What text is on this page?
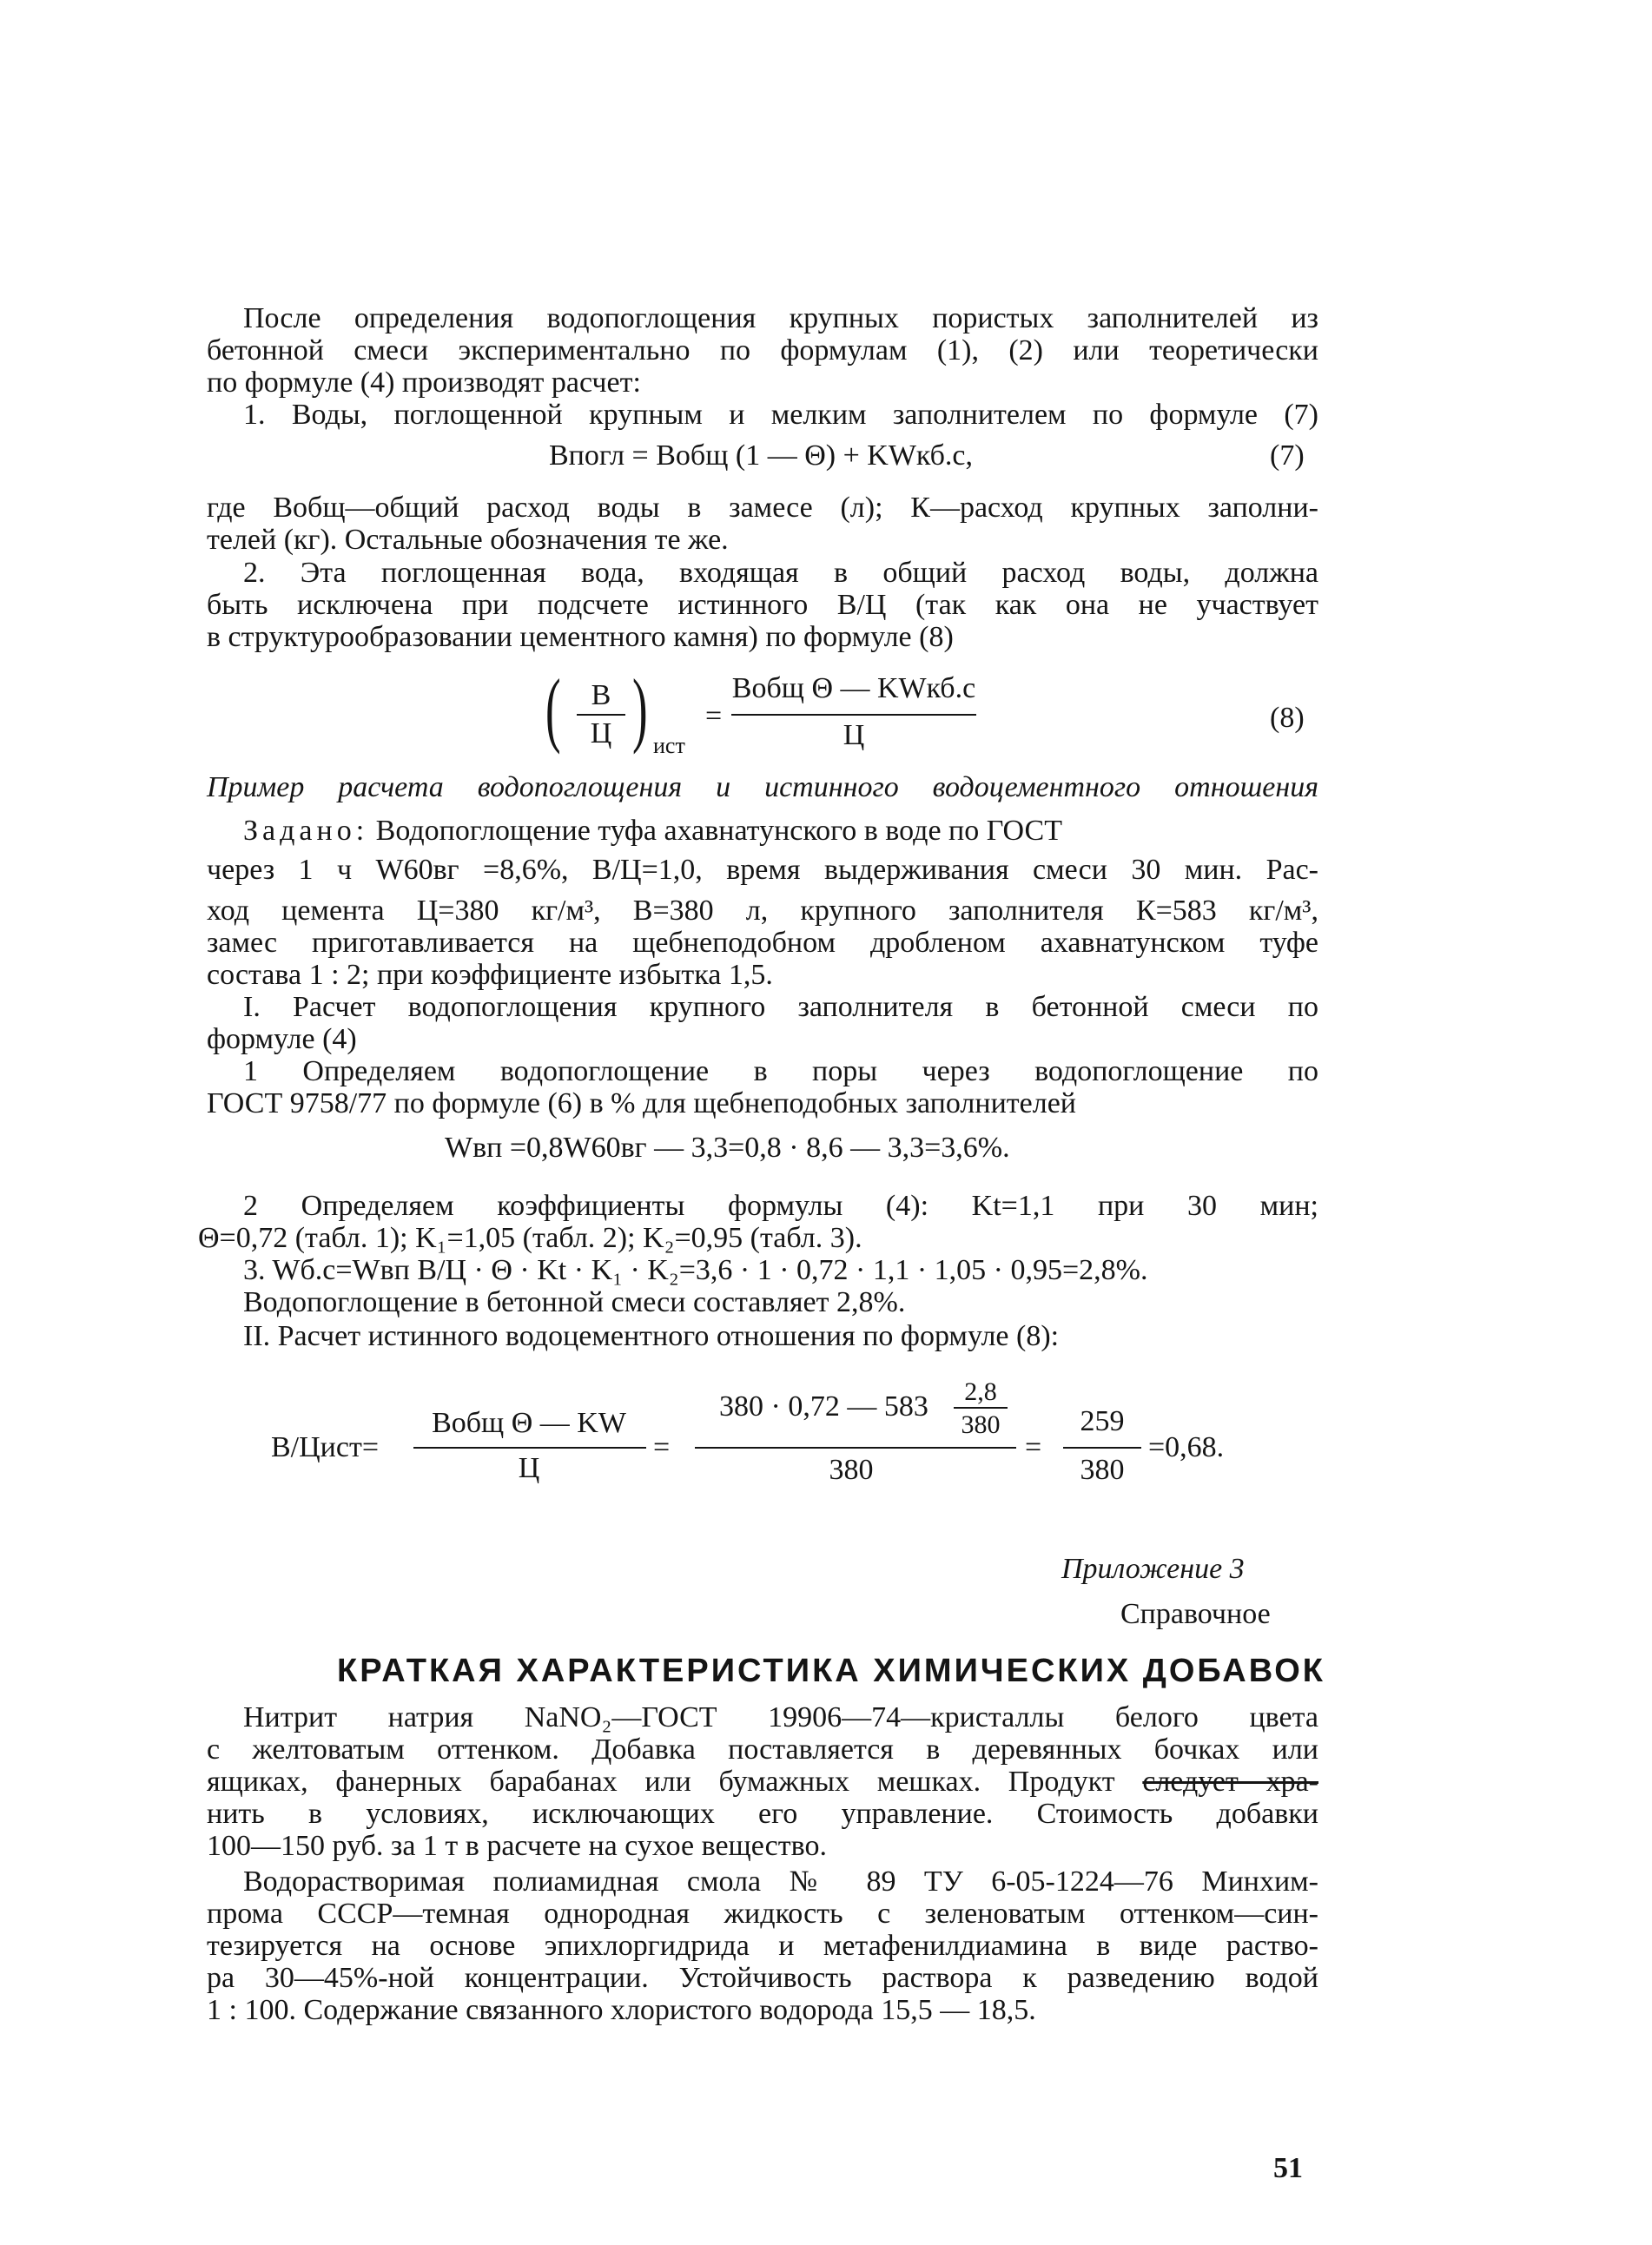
После определения водопоглощения крупных пористых заполнителей из
бетонной смеси экспериментально по формулам (1), (2) или теоретически
по формуле (4) производят расчет:
1. Воды, поглощенной крупным и мелким заполнителем по формуле (7)
Bпогл = Bобщ (1 — Θ) + KWкб.с,	(7)
где Bобщ—общий расход воды в замесе (л); К—расход крупных заполни-
телей (кг). Остальные обозначения те же.
2. Эта поглощенная вода, входящая в общий расход воды, должна
быть исключена при подсчете истинного В/Ц (так как она не участвует
в структурообразовании цементного камня) по формуле (8)
(	В
Ц ) ист
=
Bобщ Θ — KWкб.с
Ц
(8)
Пример расчета водопоглощения и истинного водоцементного отношения
Задано: Водопоглощение туфа ахавнатунского в воде по ГОСТ
через 1 ч W60вг =8,6%, В/Ц=1,0, время выдерживания смеси 30 мин. Рас-
ход цемента Ц=380 кг/м³, В=380 л, крупного заполнителя К=583 кг/м³,
замес приготавливается на щебнеподобном дробленом ахавнатунском туфе
состава 1 : 2; при коэффициенте избытка 1,5.
I. Расчет водопоглощения крупного заполнителя в бетонной смеси по
формуле (4)
1 Определяем водопоглощение в поры через водопоглощение по
ГОСТ 9758/77 по формуле (6) в % для щебнеподобных заполнителей
Wвп =0,8W60вг — 3,3=0,8 · 8,6 — 3,3=3,6%.
2 Определяем коэффициенты формулы (4): Kt=1,1 при 30 мин;
Θ=0,72 (табл. 1); K₁=1,05 (табл. 2); K₂=0,95 (табл. 3).
3. Wб.с=Wвп В/Ц · Θ · Kt · K₁ · K₂=3,6 · 1 · 0,72 · 1,1 · 1,05 · 0,95=2,8%.
Водопоглощение в бетонной смеси составляет 2,8%.
II. Расчет истинного водоцементного отношения по формуле (8):
В/Цист=
Bобщ Θ — KW
Ц
=
380 · 0,72 — 583	2,8
380
380
=
259
380
=0,68.
Приложение 3
Справочное
КРАТКАЯ ХАРАКТЕРИСТИКА ХИМИЧЕСКИХ ДОБАВОК
Нитрит натрия NaNO₂—ГОСТ 19906—74—кристаллы белого цвета
с желтоватым оттенком. Добавка поставляется в деревянных бочках или
ящиках, фанерных барабанах или бумажных мешках. Продукт следует хра-
нить в условиях, исключающих его управление. Стоимость добавки
100—150 руб. за 1 т в расчете на сухое вещество.
Водорастворимая полиамидная смола № 89 ТУ 6-05-1224—76 Минхим-
прома СССР—темная однородная жидкость с зеленоватым оттенком—син-
тезируется на основе эпихлоргидрида и метафенилдиамина в виде раство-
ра 30—45%-ной концентрации. Устойчивость раствора к разведению водой
1 : 100. Содержание связанного хлористого водорода 15,5 — 18,5.
51
